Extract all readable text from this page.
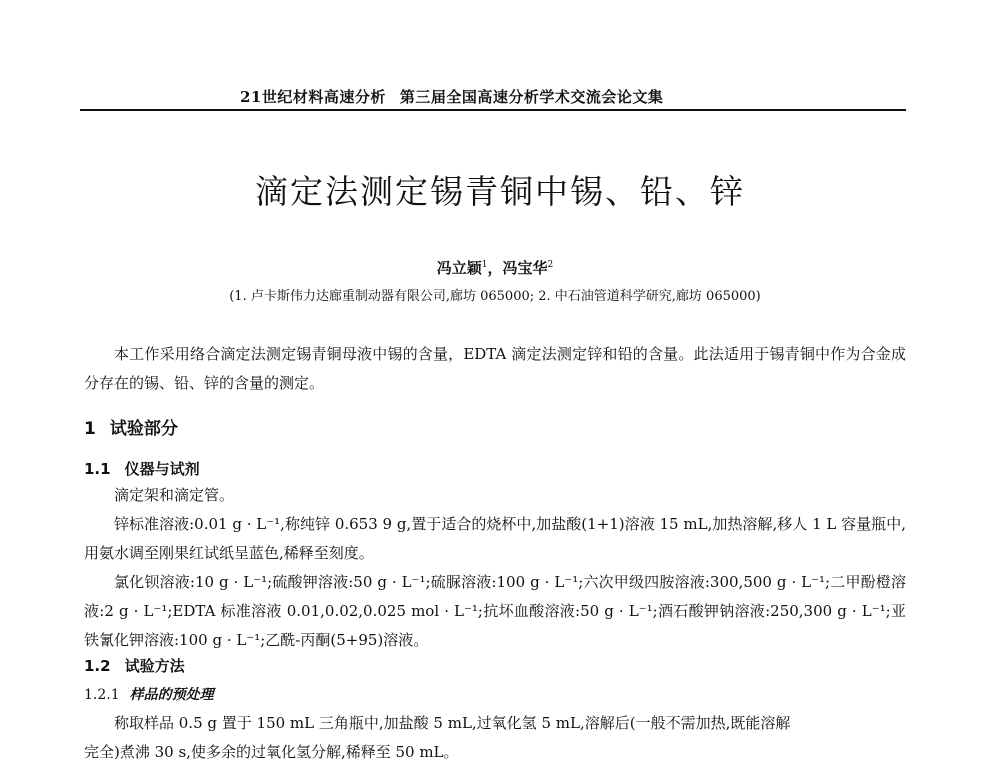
21世纪材料高速分析 第三届全国高速分析学术交流会论文集
滴定法测定锡青铜中锡、铅、锌
冯立颖$^1$，冯宝华$^2$
(1. 卢卡斯伟力达廊重制动器有限公司,廊坊 065000; 2. 中石油管道科学研究,廊坊 065000)
本工作采用络合滴定法测定锡青铜母液中锡的含量，EDTA 滴定法测定锌和铅的含量。此法适用于锡青铜中作为合金成分存在的锡、铅、锌的含量的测定。
1 试验部分
1.1 仪器与试剂
滴定架和滴定管。
锌标准溶液:0.01 g · L⁻¹,称纯锌 0.653 9 g,置于适合的烧杯中,加盐酸(1+1)溶液 15 mL,加热溶解,移人 1 L 容量瓶中,用氨水调至刚果红试纸呈蓝色,稀释至刻度。
氯化钡溶液:10 g · L⁻¹;硫酸钾溶液:50 g · L⁻¹;硫脲溶液:100 g · L⁻¹;六次甲级四胺溶液:300,500 g · L⁻¹;二甲酚橙溶液:2 g · L⁻¹;EDTA 标准溶液 0.01,0.02,0.025 mol · L⁻¹;抗坏血酸溶液:50 g · L⁻¹;酒石酸钾钠溶液:250,300 g · L⁻¹;亚铁氰化钾溶液:100 g · L⁻¹;乙酰-丙酮(5+95)溶液。
1.2 试验方法
1.2.1 样品的预处理
称取样品 0.5 g 置于 150 mL 三角瓶中,加盐酸 5 mL,过氧化氢 5 mL,溶解后(一般不需加热,既能溶解
完全)煮沸 30 s,使多余的过氧化氢分解,稀释至 50 mL。
